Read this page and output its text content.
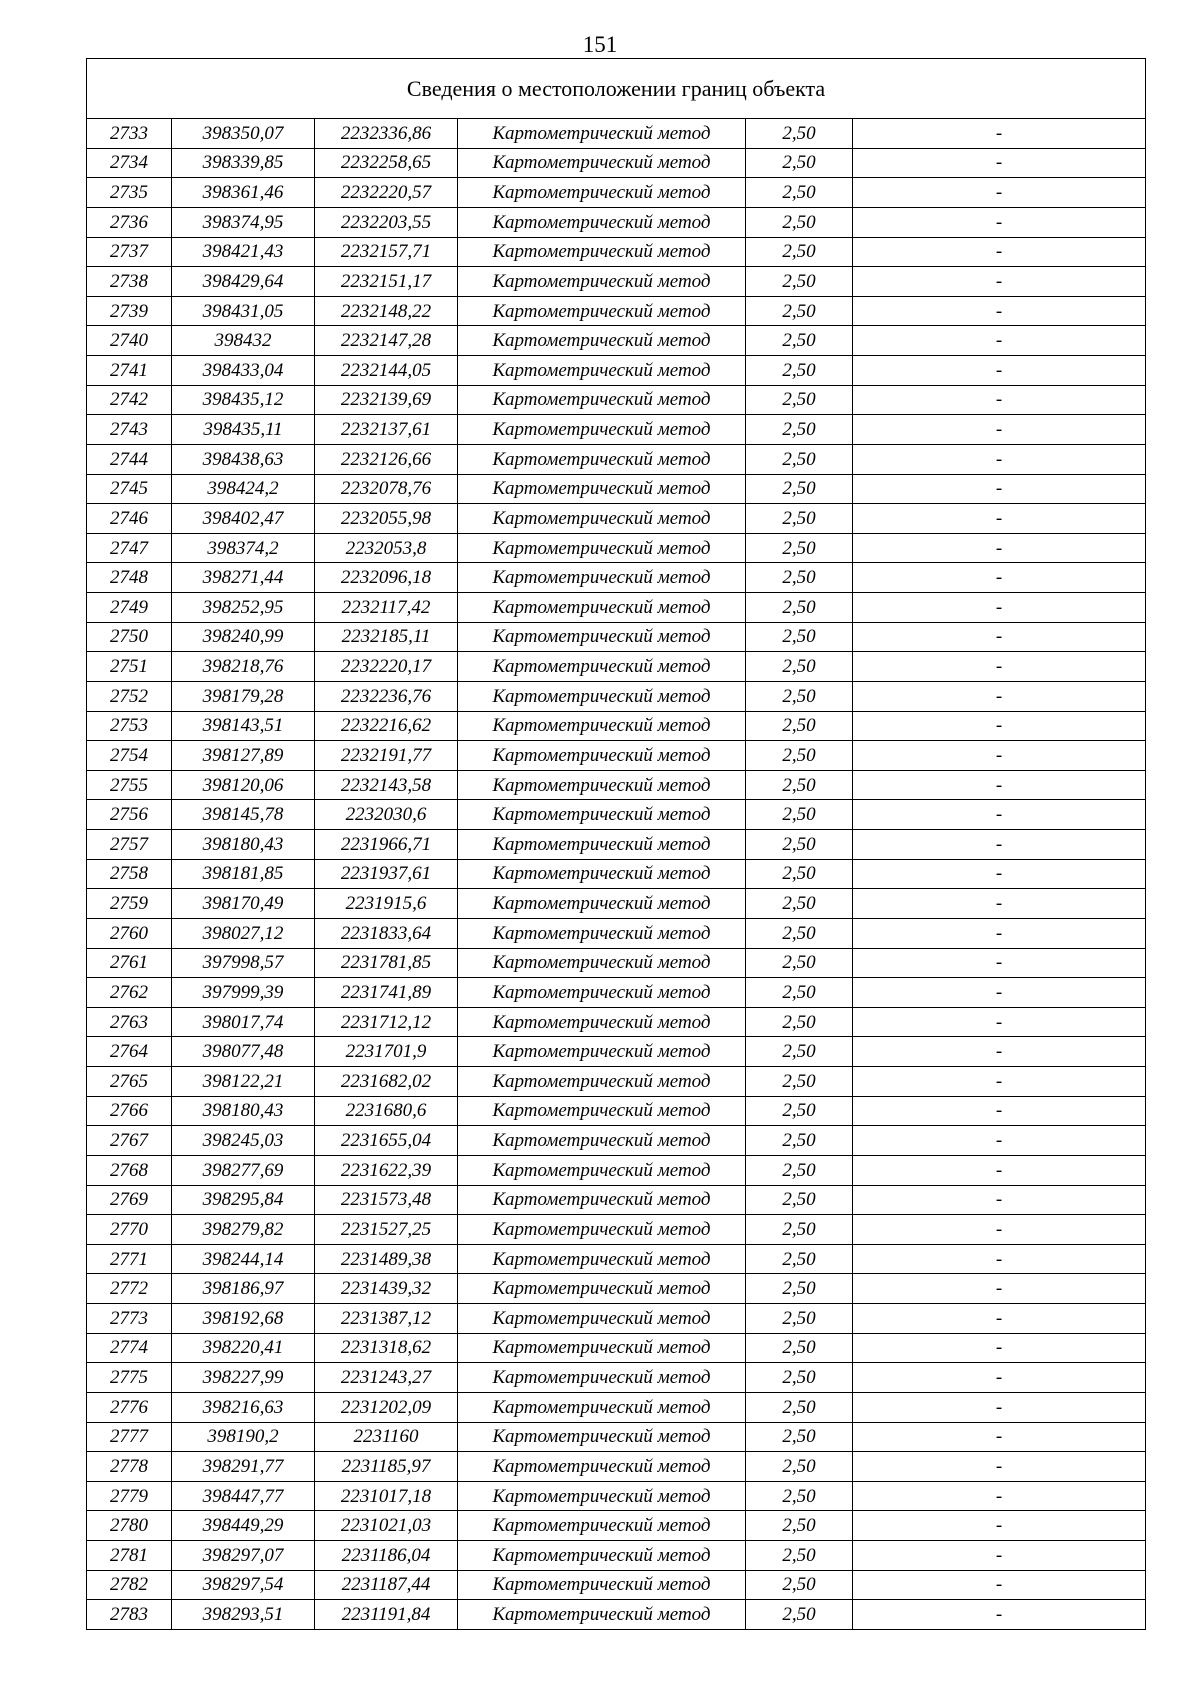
151
Сведения о местоположении границ объекта					
2733	398350,07	2232336,86	Картометрический метод	2,50	-
2734	398339,85	2232258,65	Картометрический метод	2,50	-
2735	398361,46	2232220,57	Картометрический метод	2,50	-
2736	398374,95	2232203,55	Картометрический метод	2,50	-
2737	398421,43	2232157,71	Картометрический метод	2,50	-
2738	398429,64	2232151,17	Картометрический метод	2,50	-
2739	398431,05	2232148,22	Картометрический метод	2,50	-
2740	398432	2232147,28	Картометрический метод	2,50	-
2741	398433,04	2232144,05	Картометрический метод	2,50	-
2742	398435,12	2232139,69	Картометрический метод	2,50	-
2743	398435,11	2232137,61	Картометрический метод	2,50	-
2744	398438,63	2232126,66	Картометрический метод	2,50	-
2745	398424,2	2232078,76	Картометрический метод	2,50	-
2746	398402,47	2232055,98	Картометрический метод	2,50	-
2747	398374,2	2232053,8	Картометрический метод	2,50	-
2748	398271,44	2232096,18	Картометрический метод	2,50	-
2749	398252,95	2232117,42	Картометрический метод	2,50	-
2750	398240,99	2232185,11	Картометрический метод	2,50	-
2751	398218,76	2232220,17	Картометрический метод	2,50	-
2752	398179,28	2232236,76	Картометрический метод	2,50	-
2753	398143,51	2232216,62	Картометрический метод	2,50	-
2754	398127,89	2232191,77	Картометрический метод	2,50	-
2755	398120,06	2232143,58	Картометрический метод	2,50	-
2756	398145,78	2232030,6	Картометрический метод	2,50	-
2757	398180,43	2231966,71	Картометрический метод	2,50	-
2758	398181,85	2231937,61	Картометрический метод	2,50	-
2759	398170,49	2231915,6	Картометрический метод	2,50	-
2760	398027,12	2231833,64	Картометрический метод	2,50	-
2761	397998,57	2231781,85	Картометрический метод	2,50	-
2762	397999,39	2231741,89	Картометрический метод	2,50	-
2763	398017,74	2231712,12	Картометрический метод	2,50	-
2764	398077,48	2231701,9	Картометрический метод	2,50	-
2765	398122,21	2231682,02	Картометрический метод	2,50	-
2766	398180,43	2231680,6	Картометрический метод	2,50	-
2767	398245,03	2231655,04	Картометрический метод	2,50	-
2768	398277,69	2231622,39	Картометрический метод	2,50	-
2769	398295,84	2231573,48	Картометрический метод	2,50	-
2770	398279,82	2231527,25	Картометрический метод	2,50	-
2771	398244,14	2231489,38	Картометрический метод	2,50	-
2772	398186,97	2231439,32	Картометрический метод	2,50	-
2773	398192,68	2231387,12	Картометрический метод	2,50	-
2774	398220,41	2231318,62	Картометрический метод	2,50	-
2775	398227,99	2231243,27	Картометрический метод	2,50	-
2776	398216,63	2231202,09	Картометрический метод	2,50	-
2777	398190,2	2231160	Картометрический метод	2,50	-
2778	398291,77	2231185,97	Картометрический метод	2,50	-
2779	398447,77	2231017,18	Картометрический метод	2,50	-
2780	398449,29	2231021,03	Картометрический метод	2,50	-
2781	398297,07	2231186,04	Картометрический метод	2,50	-
2782	398297,54	2231187,44	Картометрический метод	2,50	-
2783	398293,51	2231191,84	Картометрический метод	2,50	-
